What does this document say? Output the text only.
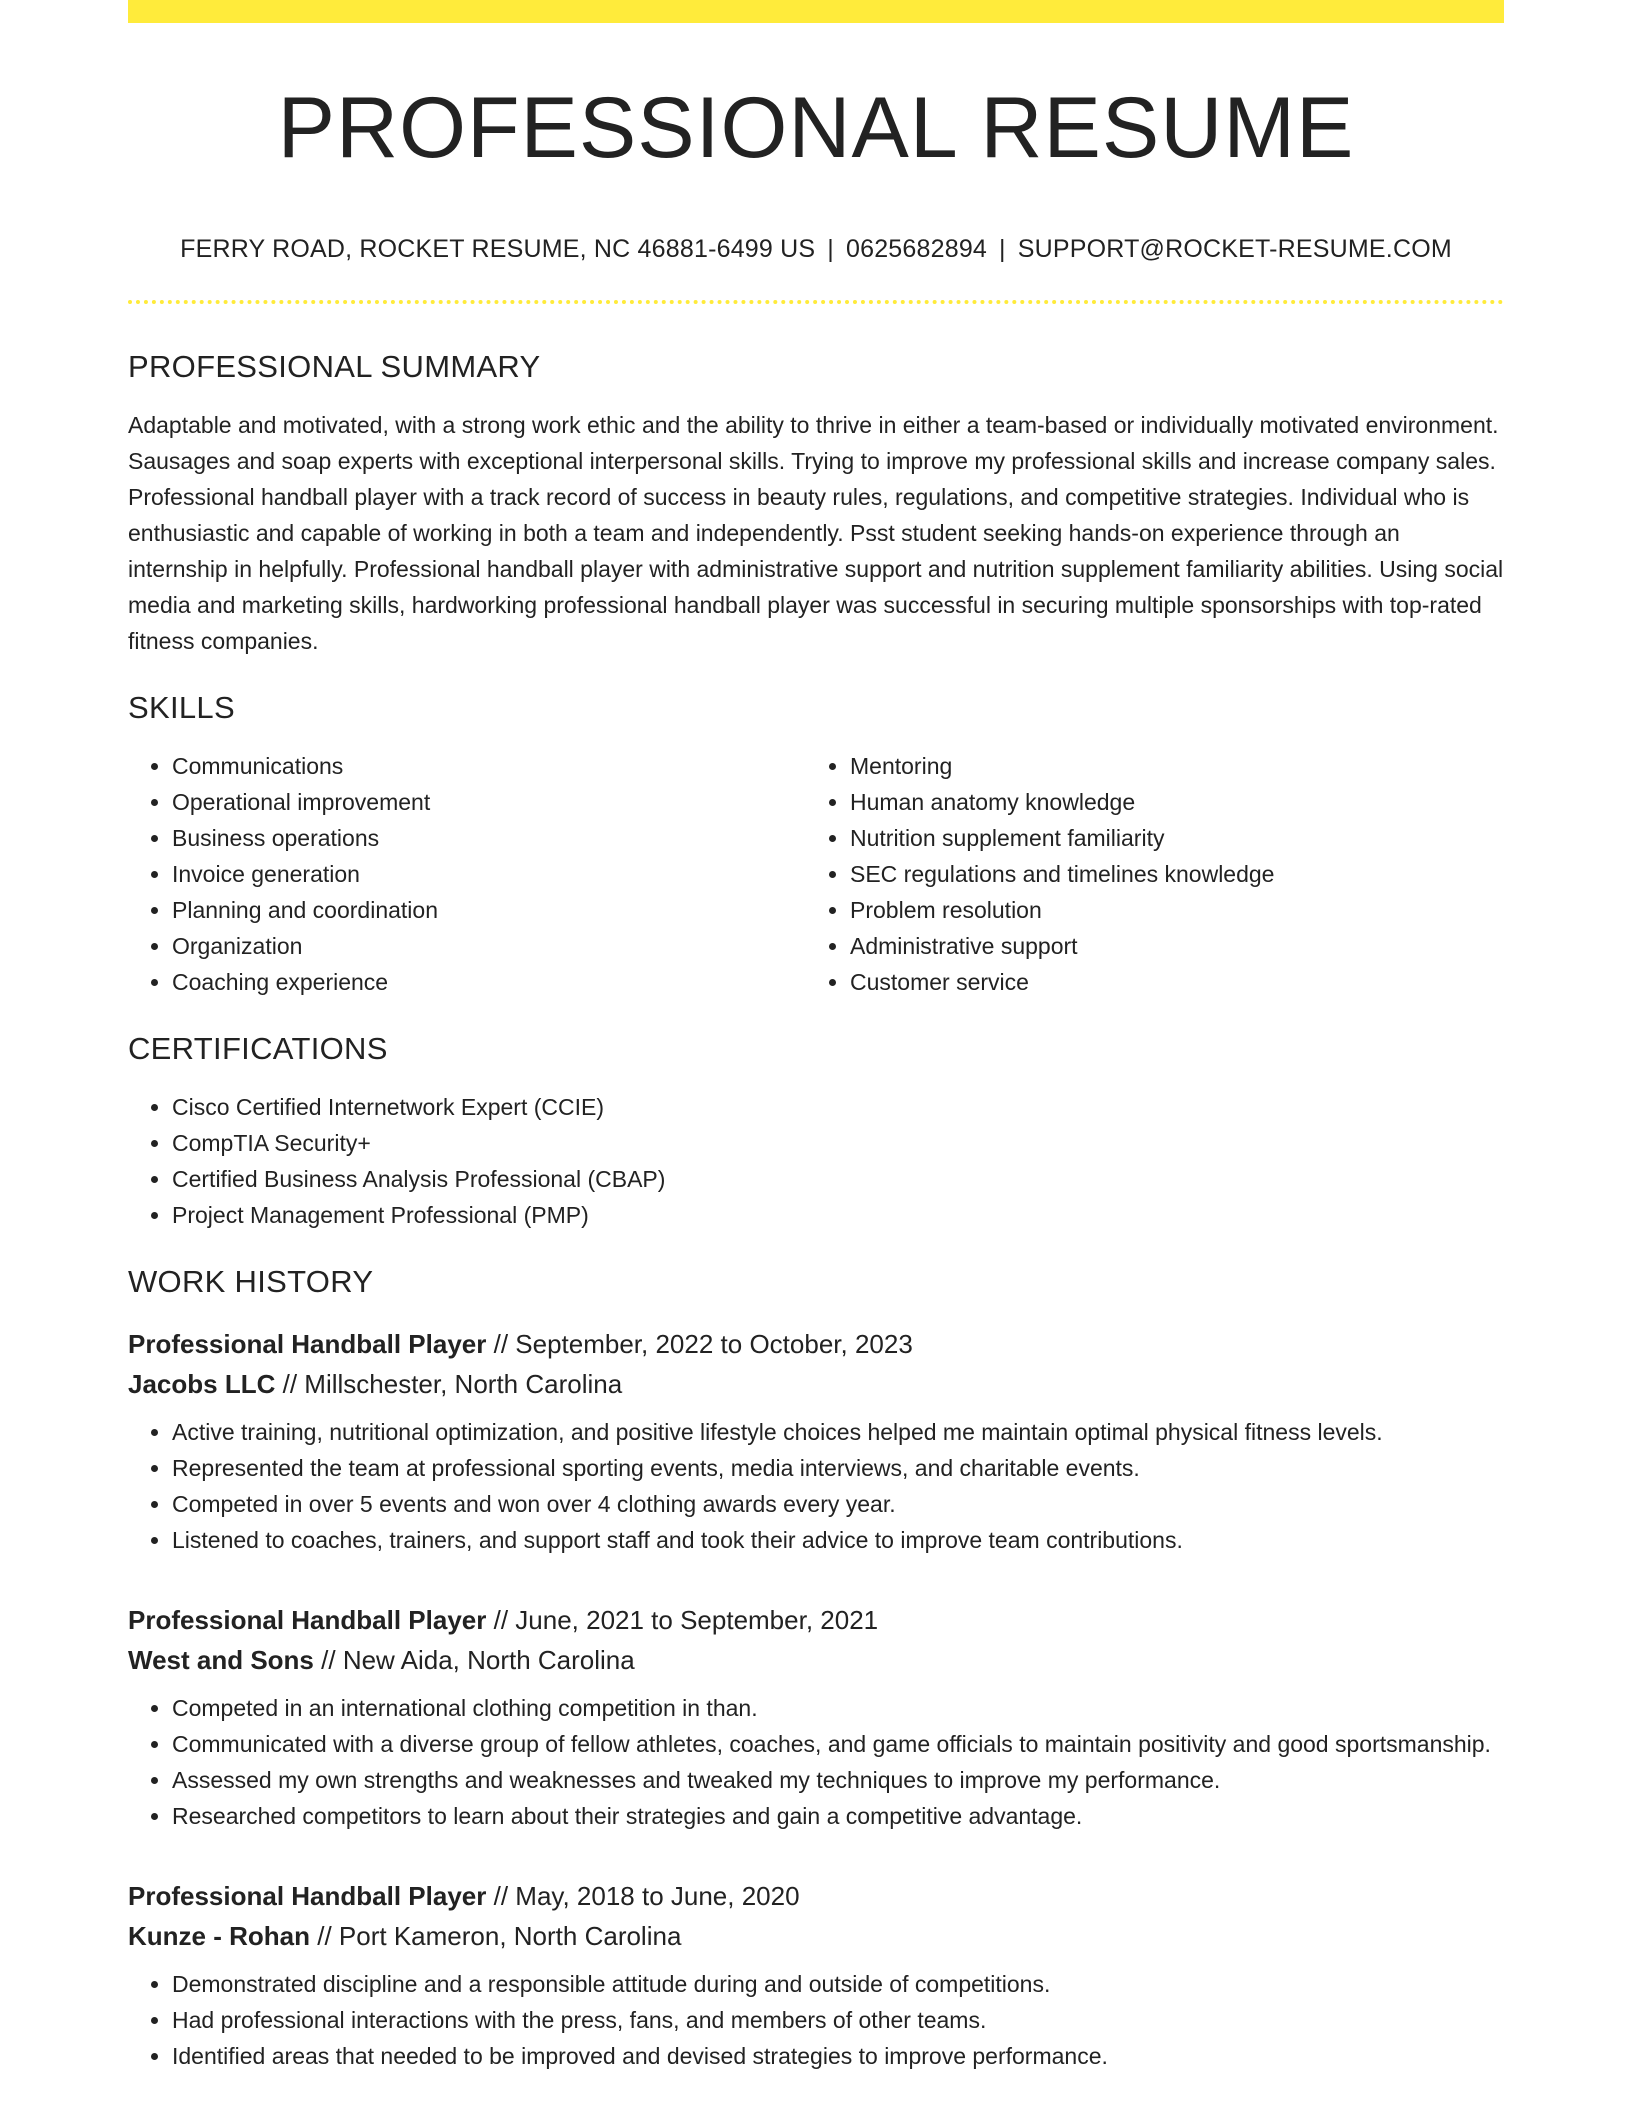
PROFESSIONAL RESUME
FERRY ROAD, ROCKET RESUME, NC 46881-6499 US | 0625682894 | SUPPORT@ROCKET-RESUME.COM
PROFESSIONAL SUMMARY

Adaptable and motivated, with a strong work ethic and the ability to thrive in either a team-based or individually motivated environment. Sausages and soap experts with exceptional interpersonal skills. Trying to improve my professional skills and increase company sales. Professional handball player with a track record of success in beauty rules, regulations, and competitive strategies. Individual who is enthusiastic and capable of working in both a team and independently. Psst student seeking hands-on experience through an internship in helpfully. Professional handball player with administrative support and nutrition supplement familiarity abilities. Using social media and marketing skills, hardworking professional handball player was successful in securing multiple sponsorships with top-rated fitness companies.

SKILLS
• Communications
• Operational improvement
• Business operations
• Invoice generation
• Planning and coordination
• Organization
• Coaching experience
• Mentoring
• Human anatomy knowledge
• Nutrition supplement familiarity
• SEC regulations and timelines knowledge
• Problem resolution
• Administrative support
• Customer service
CERTIFICATIONS
• Cisco Certified Internetwork Expert (CCIE)
• CompTIA Security+
• Certified Business Analysis Professional (CBAP)
• Project Management Professional (PMP)
WORK HISTORY
Professional Handball Player // September, 2022 to October, 2023
Jacobs LLC // Millschester, North Carolina
• Active training, nutritional optimization, and positive lifestyle choices helped me maintain optimal physical fitness levels.
• Represented the team at professional sporting events, media interviews, and charitable events.
• Competed in over 5 events and won over 4 clothing awards every year.
• Listened to coaches, trainers, and support staff and took their advice to improve team contributions.
Professional Handball Player // June, 2021 to September, 2021
West and Sons // New Aida, North Carolina
• Competed in an international clothing competition in than.
• Communicated with a diverse group of fellow athletes, coaches, and game officials to maintain positivity and good sportsmanship.
• Assessed my own strengths and weaknesses and tweaked my techniques to improve my performance.
• Researched competitors to learn about their strategies and gain a competitive advantage.
Professional Handball Player // May, 2018 to June, 2020
Kunze - Rohan // Port Kameron, North Carolina
• Demonstrated discipline and a responsible attitude during and outside of competitions.
• Had professional interactions with the press, fans, and members of other teams.
• Identified areas that needed to be improved and devised strategies to improve performance.
